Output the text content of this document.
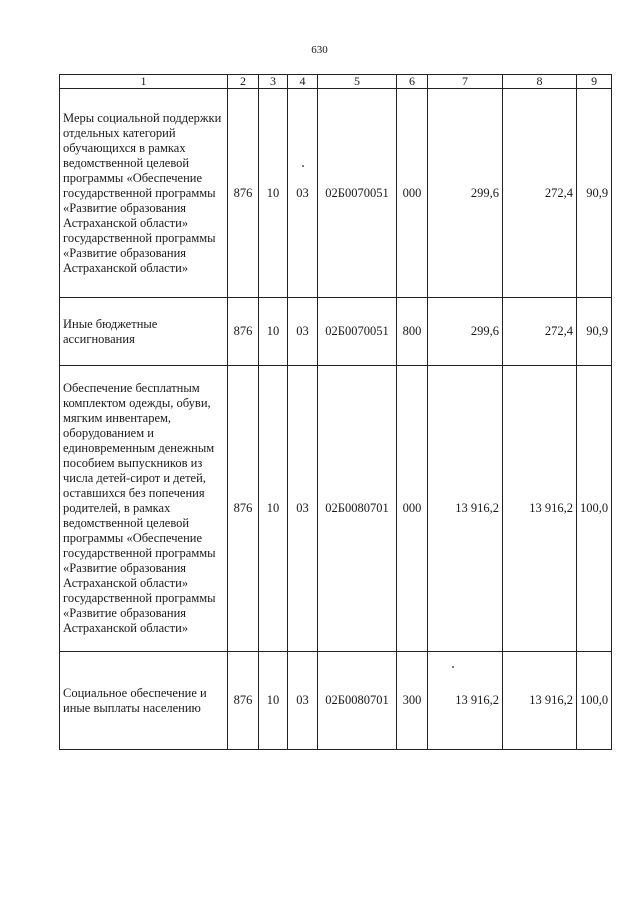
630
1	2	3	4	5	6	7	8	9
Меры социальной поддержки отдельных категорий обучающихся в рамках ведомственной целевой программы «Обеспечение государственной программы «Развитие образования Астраханской области» государственной программы «Развитие образования Астраханской области»	876	10	03	02Б0070051	000	299,6	272,4	90,9
Иные бюджетные ассигнования	876	10	03	02Б0070051	800	299,6	272,4	90,9
Обеспечение бесплатным комплектом одежды, обуви, мягким инвентарем, оборудованием и единовременным денежным пособием выпускников из числа детей-сирот и детей, оставшихся без попечения родителей, в рамках ведомственной целевой программы «Обеспечение государственной программы «Развитие образования Астраханской области» государственной программы «Развитие образования Астраханской области»	876	10	03	02Б0080701	000	13 916,2	13 916,2	100,0
Социальное обеспечение и иные выплаты населению	876	10	03	02Б0080701	300	13 916,2	13 916,2	100,0
